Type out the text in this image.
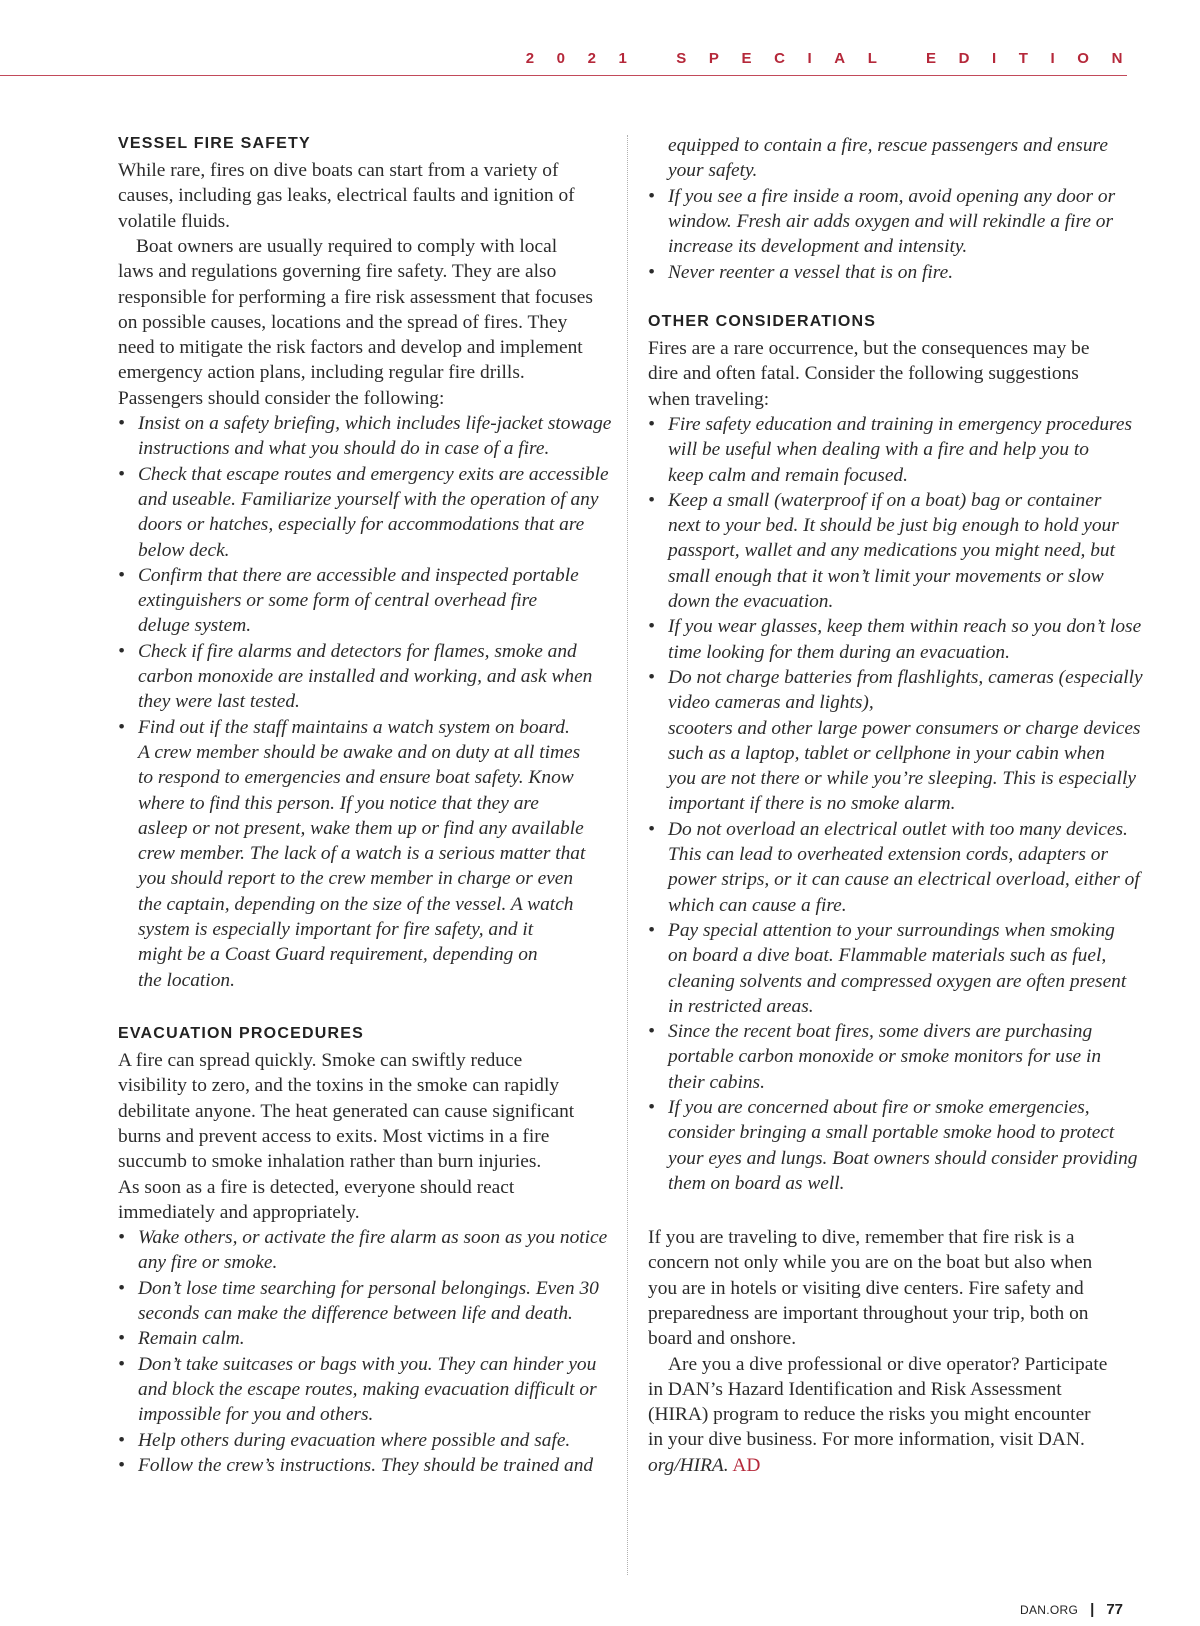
2021 SPECIAL EDITION
VESSEL FIRE SAFETY
While rare, fires on dive boats can start from a variety of
causes, including gas leaks, electrical faults and ignition of
volatile fluids.
Boat owners are usually required to comply with local
laws and regulations governing fire safety. They are also
responsible for performing a fire risk assessment that focuses
on possible causes, locations and the spread of fires. They
need to mitigate the risk factors and develop and implement
emergency action plans, including regular fire drills.
Passengers should consider the following:
• Insist on a safety briefing, which includes life-jacket stowage
instructions and what you should do in case of a fire.
• Check that escape routes and emergency exits are accessible
and useable. Familiarize yourself with the operation of any
doors or hatches, especially for accommodations that are
below deck.
• Confirm that there are accessible and inspected portable
extinguishers or some form of central overhead fire
deluge system.
• Check if fire alarms and detectors for flames, smoke and
carbon monoxide are installed and working, and ask when
they were last tested.
• Find out if the staff maintains a watch system on board.
A crew member should be awake and on duty at all times
to respond to emergencies and ensure boat safety. Know
where to find this person. If you notice that they are
asleep or not present, wake them up or find any available
crew member. The lack of a watch is a serious matter that
you should report to the crew member in charge or even
the captain, depending on the size of the vessel. A watch
system is especially important for fire safety, and it
might be a Coast Guard requirement, depending on
the location.
EVACUATION PROCEDURES
A fire can spread quickly. Smoke can swiftly reduce
visibility to zero, and the toxins in the smoke can rapidly
debilitate anyone. The heat generated can cause significant
burns and prevent access to exits. Most victims in a fire
succumb to smoke inhalation rather than burn injuries.
As soon as a fire is detected, everyone should react
immediately and appropriately.
• Wake others, or activate the fire alarm as soon as you notice
any fire or smoke.
• Don’t lose time searching for personal belongings. Even 30
seconds can make the difference between life and death.
• Remain calm.
• Don’t take suitcases or bags with you. They can hinder you
and block the escape routes, making evacuation difficult or
impossible for you and others.
• Help others during evacuation where possible and safe.
• Follow the crew’s instructions. They should be trained and
equipped to contain a fire, rescue passengers and ensure
your safety.
• If you see a fire inside a room, avoid opening any door or
window. Fresh air adds oxygen and will rekindle a fire or
increase its development and intensity.
• Never reenter a vessel that is on fire.
OTHER CONSIDERATIONS
Fires are a rare occurrence, but the consequences may be
dire and often fatal. Consider the following suggestions
when traveling:
• Fire safety education and training in emergency procedures
will be useful when dealing with a fire and help you to
keep calm and remain focused.
• Keep a small (waterproof if on a boat) bag or container
next to your bed. It should be just big enough to hold your
passport, wallet and any medications you might need, but
small enough that it won’t limit your movements or slow
down the evacuation.
• If you wear glasses, keep them within reach so you don’t lose
time looking for them during an evacuation.
• Do not charge batteries from flashlights, cameras (especially
video cameras and lights),
scooters and other large power consumers or charge devices
such as a laptop, tablet or cellphone in your cabin when
you are not there or while you’re sleeping. This is especially
important if there is no smoke alarm.
• Do not overload an electrical outlet with too many devices.
This can lead to overheated extension cords, adapters or
power strips, or it can cause an electrical overload, either of
which can cause a fire.
• Pay special attention to your surroundings when smoking
on board a dive boat. Flammable materials such as fuel,
cleaning solvents and compressed oxygen are often present
in restricted areas.
• Since the recent boat fires, some divers are purchasing
portable carbon monoxide or smoke monitors for use in
their cabins.
• If you are concerned about fire or smoke emergencies,
consider bringing a small portable smoke hood to protect
your eyes and lungs. Boat owners should consider providing
them on board as well.
If you are traveling to dive, remember that fire risk is a
concern not only while you are on the boat but also when
you are in hotels or visiting dive centers. Fire safety and
preparedness are important throughout your trip, both on
board and onshore.
Are you a dive professional or dive operator? Participate
in DAN’s Hazard Identification and Risk Assessment
(HIRA) program to reduce the risks you might encounter
in your dive business. For more information, visit DAN.
org/HIRA. AD
DAN.ORG | 77
